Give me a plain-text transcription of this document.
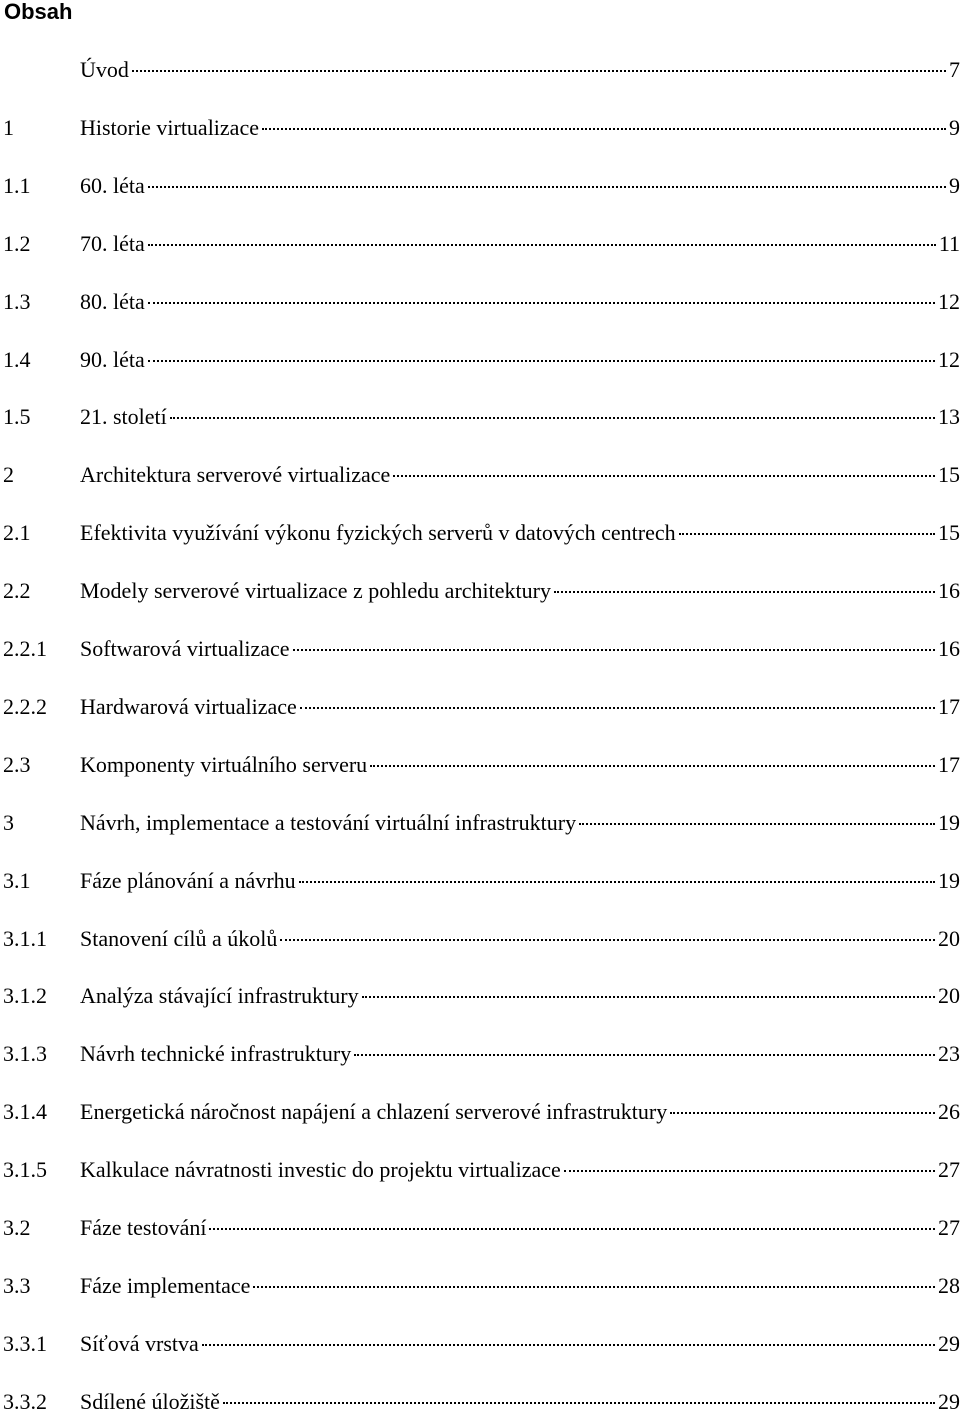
Obsah
Úvod	7
1	Historie virtualizace	9
1.1	60. léta	9
1.2	70. léta	11
1.3	80. léta	12
1.4	90. léta	12
1.5	21. století	13
2	Architektura serverové virtualizace	15
2.1	Efektivita využívání výkonu fyzických serverů v datových centrech	15
2.2	Modely serverové virtualizace z pohledu architektury	16
2.2.1	Softwarová virtualizace	16
2.2.2	Hardwarová virtualizace	17
2.3	Komponenty virtuálního serveru	17
3	Návrh, implementace a testování virtuální infrastruktury	19
3.1	Fáze plánování a návrhu	19
3.1.1	Stanovení cílů a úkolů	20
3.1.2	Analýza stávající infrastruktury	20
3.1.3	Návrh technické infrastruktury	23
3.1.4	Energetická náročnost napájení a chlazení serverové infrastruktury	26
3.1.5	Kalkulace návratnosti investic do projektu virtualizace	27
3.2	Fáze testování	27
3.3	Fáze implementace	28
3.3.1	Síťová vrstva	29
3.3.2	Sdílené úložiště	29
